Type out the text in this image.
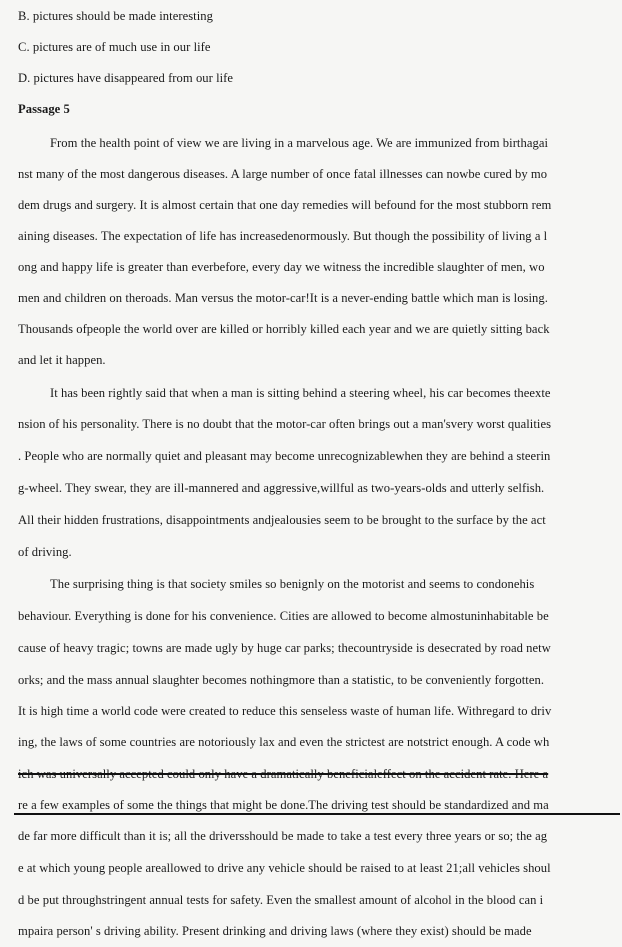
B. pictures should be made interesting
C. pictures are of much use in our life
D. pictures have disappeared from our life
Passage 5
From the health point of view we are living in a marvelous age. We are immunized from birthagai
nst many of the most dangerous diseases. A large number of once fatal illnesses can nowbe cured by mo
dem drugs and surgery. It is almost certain that one day remedies will befound for the most stubborn rem
aining diseases. The expectation of life has increasedenormously. But though the possibility of living a l
ong and happy life is greater than everbefore, every day we witness the incredible slaughter of men, wo
men and children on theroads. Man versus the motor-car!It is a never-ending battle which man is losing.
Thousands ofpeople the world over are killed or horribly killed each year and we are quietly sitting back
and let it happen.
It has been rightly said that when a man is sitting behind a steering wheel, his car becomes theexte
nsion of his personality. There is no doubt that the motor-car often brings out a man'svery worst qualities
. People who are normally quiet and pleasant may become unrecognizablewhen they are behind a steerin
g-wheel. They swear, they are ill-mannered and aggressive,willful as two-years-olds and utterly selfish.
All their hidden frustrations, disappointments andjealousies seem to be brought to the surface by the act
of driving.
The surprising thing is that society smiles so benignly on the motorist and seems to condonehis
behaviour. Everything is done for his convenience. Cities are allowed to become almostuninhabitable be
cause of heavy tragic; towns are made ugly by huge car parks; thecountryside is desecrated by road netw
orks; and the mass annual slaughter becomes nothingmore than a statistic, to be conveniently forgotten.
It is high time a world code were created to reduce this senseless waste of human life. Withregard to driv
ing, the laws of some countries are notoriously lax and even the strictest are notstrict enough. A code wh
ich was universally accepted could only have a dramatically beneficialeffect on the accident rate. Here a
re a few examples of some the things that might be done.The driving test should be standardized and ma
de far more difficult than it is; all the driversshould be made to take a test every three years or so; the ag
e at which young people areallowed to drive any vehicle should be raised to at least 21;all vehicles shoul
d be put throughstringent annual tests for safety. Even the smallest amount of alcohol in the blood can i
mpaira person' s driving ability. Present drinking and driving laws (where they exist) should be made
